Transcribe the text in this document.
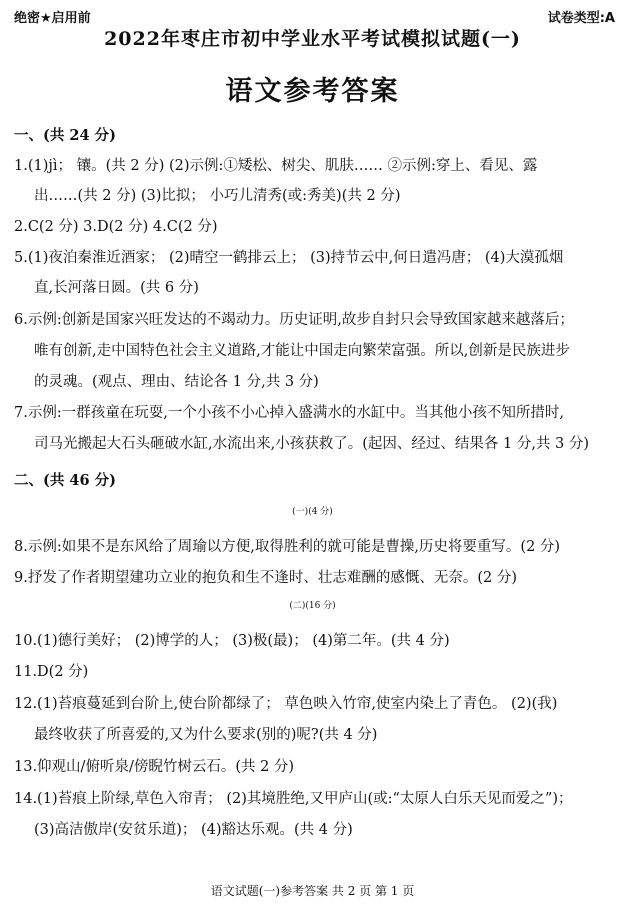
绝密★启用前	试卷类型:A
2022年枣庄市初中学业水平考试模拟试题(一)
语文参考答案
一、(共 24 分)
1.(1)jì； 镶。(共 2 分) (2)示例:①矮松、树尖、肌肤…… ②示例:穿上、看见、露
出……(共 2 分) (3)比拟； 小巧儿清秀(或:秀美)(共 2 分)
2.C(2 分) 3.D(2 分) 4.C(2 分)
5.(1)夜泊秦淮近酒家； (2)晴空一鹤排云上； (3)持节云中,何日遣冯唐； (4)大漠孤烟
直,长河落日圆。(共 6 分)
6.示例:创新是国家兴旺发达的不竭动力。历史证明,故步自封只会导致国家越来越落后；
唯有创新,走中国特色社会主义道路,才能让中国走向繁荣富强。所以,创新是民族进步
的灵魂。(观点、理由、结论各 1 分,共 3 分)
7.示例:一群孩童在玩耍,一个小孩不小心掉入盛满水的水缸中。当其他小孩不知所措时,
司马光搬起大石头砸破水缸,水流出来,小孩获救了。(起因、经过、结果各 1 分,共 3 分)
二、(共 46 分)
(一)(4 分)
8.示例:如果不是东风给了周瑜以方便,取得胜利的就可能是曹操,历史将要重写。(2 分)
9.抒发了作者期望建功立业的抱负和生不逢时、壮志难酬的感慨、无奈。(2 分)
(二)(16 分)
10.(1)德行美好； (2)博学的人； (3)极(最)； (4)第二年。(共 4 分)
11.D(2 分)
12.(1)苔痕蔓延到台阶上,使台阶都绿了； 草色映入竹帘,使室内染上了青色。 (2)(我)
最终收获了所喜爱的,又为什么要求(别的)呢?(共 4 分)
13.仰观山/俯听泉/傍睨竹树云石。(共 2 分)
14.(1)苔痕上阶绿,草色入帘青； (2)其境胜绝,又甲庐山(或:“太原人白乐天见而爱之”)；
(3)高洁傲岸(安贫乐道)； (4)豁达乐观。(共 4 分)
语文试题(一)参考答案 共 2 页 第 1 页
